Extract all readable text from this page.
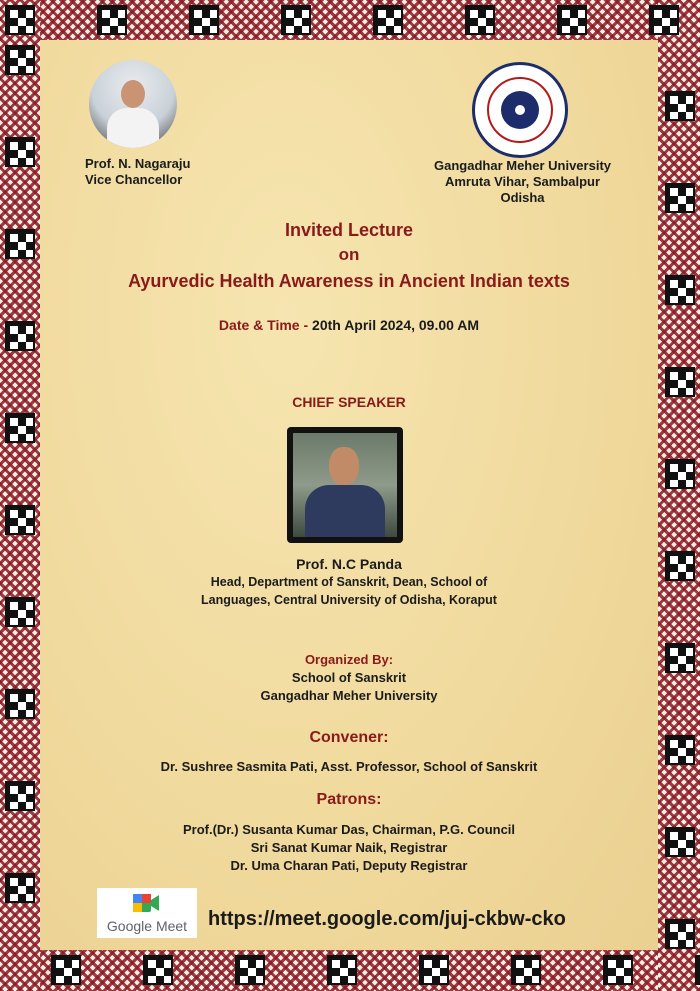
Prof. N. Nagaraju
Vice Chancellor
Gangadhar Meher University
Amruta Vihar, Sambalpur
Odisha
Invited Lecture
on
Ayurvedic Health Awareness in Ancient Indian texts
Date & Time - 20th April 2024, 09.00 AM
CHIEF SPEAKER
Prof. N.C Panda
Head, Department of Sanskrit, Dean, School of
Languages, Central University of Odisha, Koraput
Organized By:
School of Sanskrit
Gangadhar Meher University
Convener:
Dr. Sushree Sasmita Pati, Asst. Professor, School of Sanskrit
Patrons:
Prof.(Dr.) Susanta Kumar Das, Chairman, P.G. Council
Sri Sanat Kumar Naik, Registrar
Dr. Uma Charan Pati, Deputy Registrar
Google Meet	https://meet.google.com/juj-ckbw-cko
